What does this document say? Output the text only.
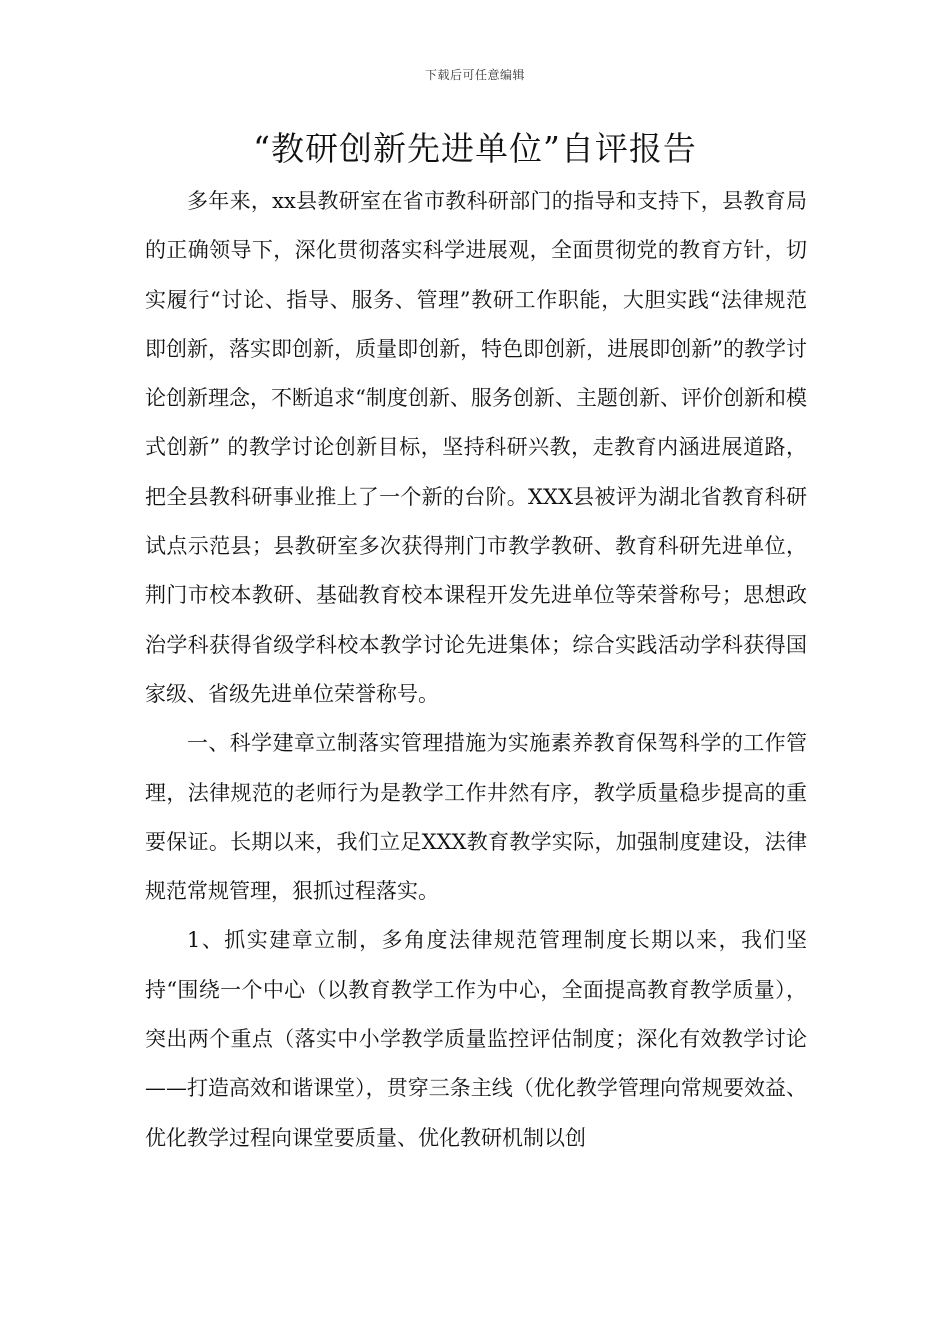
下载后可任意编辑
“教研创新先进单位”自评报告

多年来，xx县教研室在省市教科研部门的指导和支持下，县教育局的正确领导下，深化贯彻落实科学进展观，全面贯彻党的教育方针，切实履行“讨论、指导、服务、管理”教研工作职能，大胆实践“法律规范即创新，落实即创新，质量即创新，特色即创新，进展即创新”的教学讨论创新理念，不断追求“制度创新、服务创新、主题创新、评价创新和模式创新” 的教学讨论创新目标，坚持科研兴教，走教育内涵进展道路，把全县教科研事业推上了一个新的台阶。XXX县被评为湖北省教育科研试点示范县；县教研室多次获得荆门市教学教研、教育科研先进单位，荆门市校本教研、基础教育校本课程开发先进单位等荣誉称号；思想政治学科获得省级学科校本教学讨论先进集体；综合实践活动学科获得国家级、省级先进单位荣誉称号。

一、科学建章立制落实管理措施为实施素养教育保驾科学的工作管理，法律规范的老师行为是教学工作井然有序，教学质量稳步提高的重要保证。长期以来，我们立足XXX教育教学实际，加强制度建设，法律规范常规管理，狠抓过程落实。

1、抓实建章立制，多角度法律规范管理制度长期以来，我们坚持“围绕一个中心（以教育教学工作为中心，全面提高教育教学质量），突出两个重点（落实中小学教学质量监控评估制度；深化有效教学讨论——打造高效和谐课堂），贯穿三条主线（优化教学管理向常规要效益、优化教学过程向课堂要质量、优化教研机制以创
